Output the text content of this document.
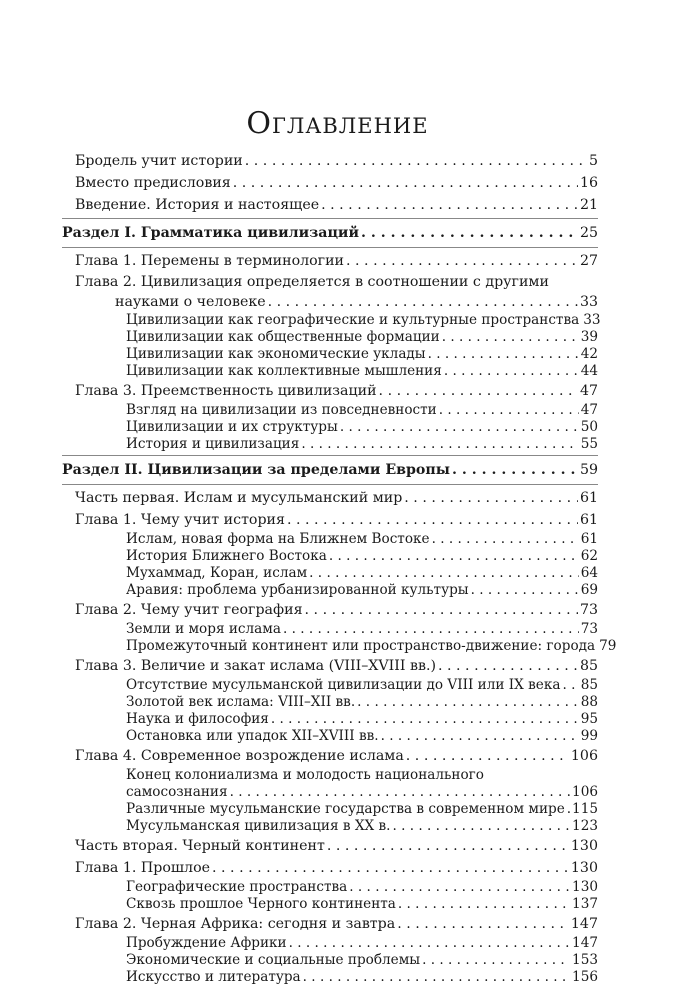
Оглавление
Бродель учит истории . . .	5
Вместо предисловия . . .	16
Введение. История и настоящее . . .	21
Раздел I. Грамматика цивилизаций . . .	25
Глава 1. Перемены в терминологии . . .	27
Глава 2. Цивилизация определяется в соотношении с другими
науками о человеке . . .	33
Цивилизации как географические и культурные пространства 33
Цивилизации как общественные формации . . .	39
Цивилизации как экономические уклады . . .	42
Цивилизации как коллективные мышления . . .	44
Глава 3. Преемственность цивилизаций . . .	47
Взгляд на цивилизации из повседневности . . .	47
Цивилизации и их структуры . . .	50
История и цивилизация . . .	55
Раздел II. Цивилизации за пределами Европы . . .	59
Часть первая. Ислам и мусульманский мир . . .	61
Глава 1. Чему учит история . . .	61
Ислам, новая форма на Ближнем Востоке . . .	61
История Ближнего Востока . . .	62
Мухаммад, Коран, ислам . . .	64
Аравия: проблема урбанизированной культуры . . .	69
Глава 2. Чему учит география . . .	73
Земли и моря ислама . . .	73
Промежуточный континент или пространство-движение: города 79
Глава 3. Величие и закат ислама (VIII–XVIII вв.) . . .	85
Отсутствие мусульманской цивилизации до VIII или IX века . . . 85
Золотой век ислама: VIII–XII вв. . . .	88
Наука и философия . . .	95
Остановка или упадок XII–XVIII вв. . . .	99
Глава 4. Современное возрождение ислама . . .	106
Конец колониализма и молодость национального
самосознания . . .	106
Различные мусульманские государства в современном мире . . . 115
Мусульманская цивилизация в XX в. . . .	123
Часть вторая. Черный континент . . .	130
Глава 1. Прошлое . . .	130
Географические пространства . . .	130
Сквозь прошлое Черного континента . . .	137
Глава 2. Черная Африка: сегодня и завтра . . .	147
Пробуждение Африки . . .	147
Экономические и социальные проблемы . . .	153
Искусство и литература . . .	156
